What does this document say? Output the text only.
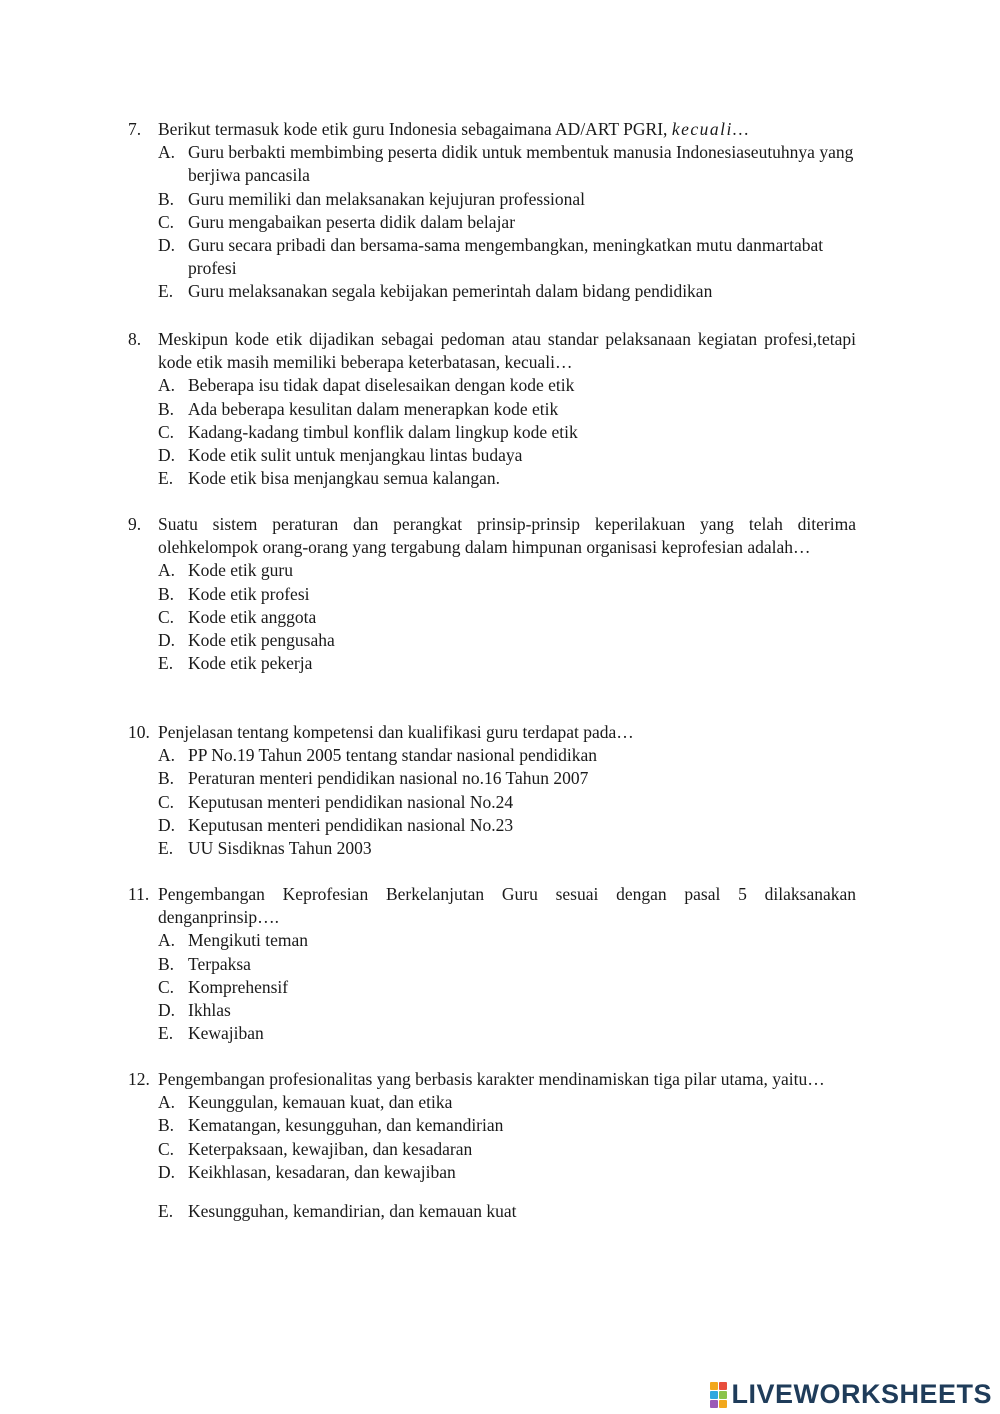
7. Berikut termasuk kode etik guru Indonesia sebagaimana AD/ART PGRI, kecuali…
A. Guru berbakti membimbing peserta didik untuk membentuk manusia Indonesiaseutuhnya yang berjiwa pancasila
B. Guru memiliki dan melaksanakan kejujuran professional
C. Guru mengabaikan peserta didik dalam belajar
D. Guru secara pribadi dan bersama-sama mengembangkan, meningkatkan mutu danmartabat profesi
E. Guru melaksanakan segala kebijakan pemerintah dalam bidang pendidikan
8. Meskipun kode etik dijadikan sebagai pedoman atau standar pelaksanaan kegiatan profesi,tetapi kode etik masih memiliki beberapa keterbatasan, kecuali…
A. Beberapa isu tidak dapat diselesaikan dengan kode etik
B. Ada beberapa kesulitan dalam menerapkan kode etik
C. Kadang-kadang timbul konflik dalam lingkup kode etik
D. Kode etik sulit untuk menjangkau lintas budaya
E. Kode etik bisa menjangkau semua kalangan.
9. Suatu sistem peraturan dan perangkat prinsip-prinsip keperilakuan yang telah diterima olehkelompok orang-orang yang tergabung dalam himpunan organisasi keprofesian adalah…
A. Kode etik guru
B. Kode etik profesi
C. Kode etik anggota
D. Kode etik pengusaha
E. Kode etik pekerja
10. Penjelasan tentang kompetensi dan kualifikasi guru terdapat pada…
A. PP No.19 Tahun 2005 tentang standar nasional pendidikan
B. Peraturan menteri pendidikan nasional no.16 Tahun 2007
C. Keputusan menteri pendidikan nasional No.24
D. Keputusan menteri pendidikan nasional No.23
E. UU Sisdiknas Tahun 2003
11. Pengembangan Keprofesian Berkelanjutan Guru sesuai dengan pasal 5 dilaksanakan denganprinsip….
A. Mengikuti teman
B. Terpaksa
C. Komprehensif
D. Ikhlas
E. Kewajiban
12. Pengembangan profesionalitas yang berbasis karakter mendinamiskan tiga pilar utama, yaitu…
A. Keunggulan, kemauan kuat, dan etika
B. Kematangan, kesungguhan, dan kemandirian
C. Keterpaksaan, kewajiban, dan kesadaran
D. Keikhlasan, kesadaran, dan kewajiban
E. Kesungguhan, kemandirian, dan kemauan kuat
LIVEWORKSHEETS
